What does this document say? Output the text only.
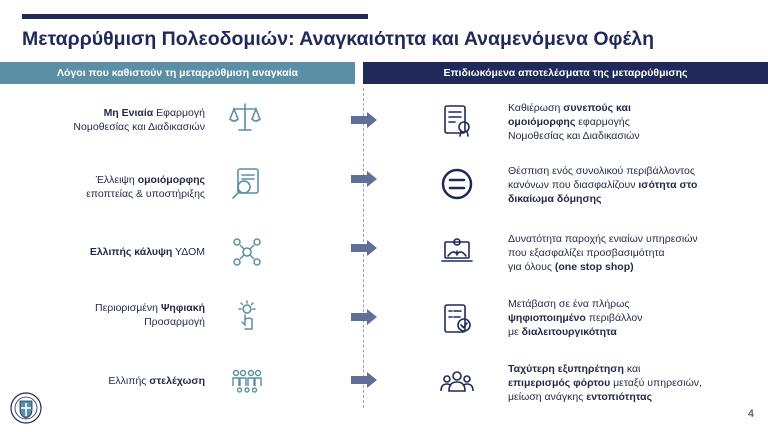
Μεταρρύθμιση Πολεοδομιών: Αναγκαιότητα και Αναμενόμενα Οφέλη
Λόγοι που καθιστούν τη μεταρρύθμιση αναγκαία	Επιδιωκόμενα αποτελέσματα της μεταρρύθμισης
Μη Ενιαία Εφαρμογή
Νομοθεσίας και Διαδικασιών
Καθιέρωση συνεπούς και
ομοιόμορφης εφαρμογής
Νομοθεσίας και Διαδικασιών
Έλλειψη ομοιόμορφης
εποπτείας & υποστήριξης
Θέσπιση ενός συνολικού περιβάλλοντος
κανόνων που διασφαλίζουν ισότητα στο
δικαίωμα δόμησης
Ελλιπής κάλυψη ΥΔΟΜ
Δυνατότητα παροχής ενιαίων υπηρεσιών
που εξασφαλίζει προσβασιμότητα
για όλους (one stop shop)
Περιορισμένη Ψηφιακή
Προσαρμογή
Μετάβαση σε ένα πλήρως
ψηφιοποιημένο περιβάλλον
με διαλειτουργικότητα
Ελλιπής στελέχωση
Ταχύτερη εξυπηρέτηση και
επιμερισμός φόρτου μεταξύ υπηρεσιών,
μείωση ανάγκης εντοπιότητας
4
